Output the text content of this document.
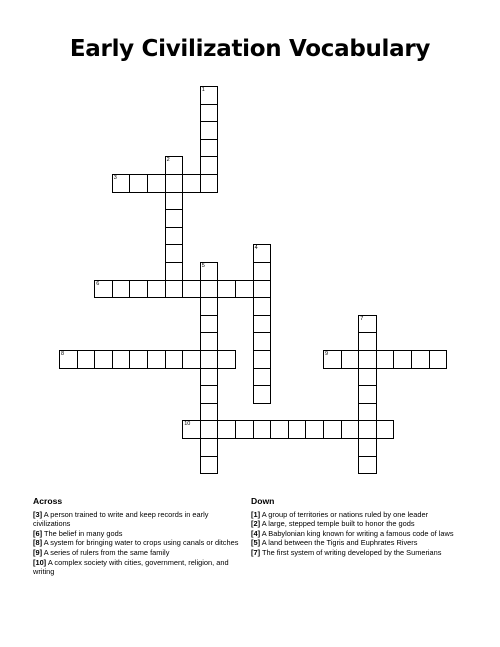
Early Civilization Vocabulary
1
2
3
4
5
6
7
8	9
10
Across
[3] A person trained to write and keep records in early civilizations
[6] The belief in many gods
[8] A system for bringing water to crops using canals or ditches
[9] A series of rulers from the same family
[10] A complex society with cities, government, religion, and writing
Down
[1] A group of territories or nations ruled by one leader
[2] A large, stepped temple built to honor the gods
[4] A Babylonian king known for writing a famous code of laws
[5] A land between the Tigris and Euphrates Rivers
[7] The first system of writing developed by the Sumerians
